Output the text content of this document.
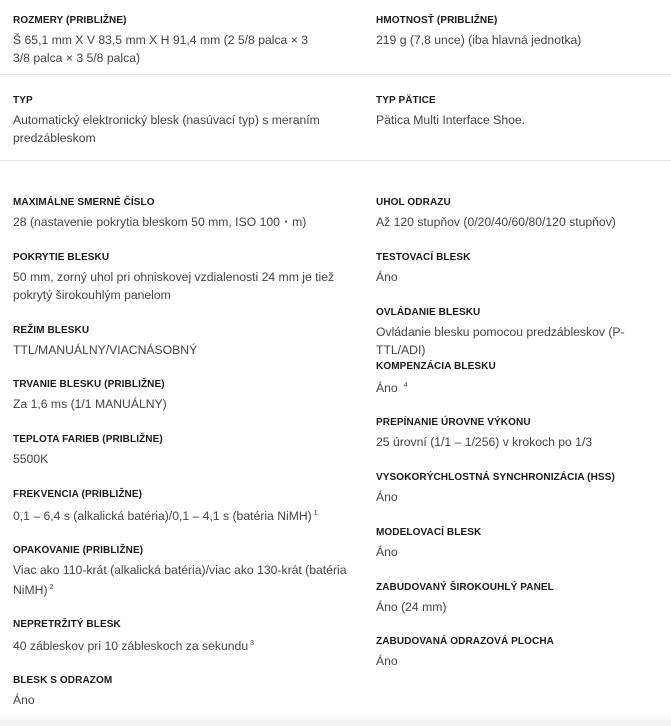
ROZMERY (PRIBLIŽNE)
Š 65,1 mm X V 83,5 mm X H 91,4 mm (2 5/8 palca × 3 3/8 palca × 3 5/8 palca)
TYP
Automatický elektronický blesk (nasúvací typ) s meraním predzábleskom
HMOTNOSŤ (PRIBLIŽNE)
219 g (7,8 unce) (iba hlavná jednotka)
TYP PÄTICE
Pätica Multi Interface Shoe.
MAXIMÁLNE SMERNÉ ČÍSLO
28 (nastavenie pokrytia bleskom 50 mm, ISO 100・m)
POKRYTIE BLESKU
50 mm, zorný uhol pri ohniskovej vzdialenosti 24 mm je tiež pokrytý širokouhlým panelom
REŽIM BLESKU
TTL/MANUÁLNY/VIACNÁSOBNÝ
TRVANIE BLESKU (PRIBLIŽNE)
Za 1,6 ms (1/1 MANUÁLNY)
TEPLOTA FARIEB (PRIBLIŽNE)
5500K
FREKVENCIA (PRIBLIŽNE)
0,1 – 6,4 s (alkalická batéria)/0,1 – 4,1 s (batéria NiMH) $^1$
OPAKOVANIE (PRIBLIŽNE)
Viac ako 110-krát (alkalická batéria)/viac ako 130-krát (batéria NiMH) $^2$
NEPRETRŽITÝ BLESK
40 zábleskov pri 10 zábleskoch za sekundu $^3$
BLESK S ODRAZOM
Áno
UHOL ODRAZU
Až 120 stupňov (0/20/40/60/80/120 stupňov)
TESTOVACÍ BLESK
Áno
OVLÁDANIE BLESKU
Ovládanie blesku pomocou predzábleskov (P-TTL/ADI)
KOMPENZÁCIA BLESKU
Áno $^4$
PREPÍNANIE ÚROVNE VÝKONU
25 úrovní (1/1 – 1/256) v krokoch po 1/3
VYSOKORÝCHLOSTNÁ SYNCHRONIZÁCIA (HSS)
Áno
MODELOVACÍ BLESK
Áno
ZABUDOVANÝ ŠIROKOUHLÝ PANEL
Áno (24 mm)
ZABUDOVANÁ ODRAZOVÁ PLOCHA
Áno
